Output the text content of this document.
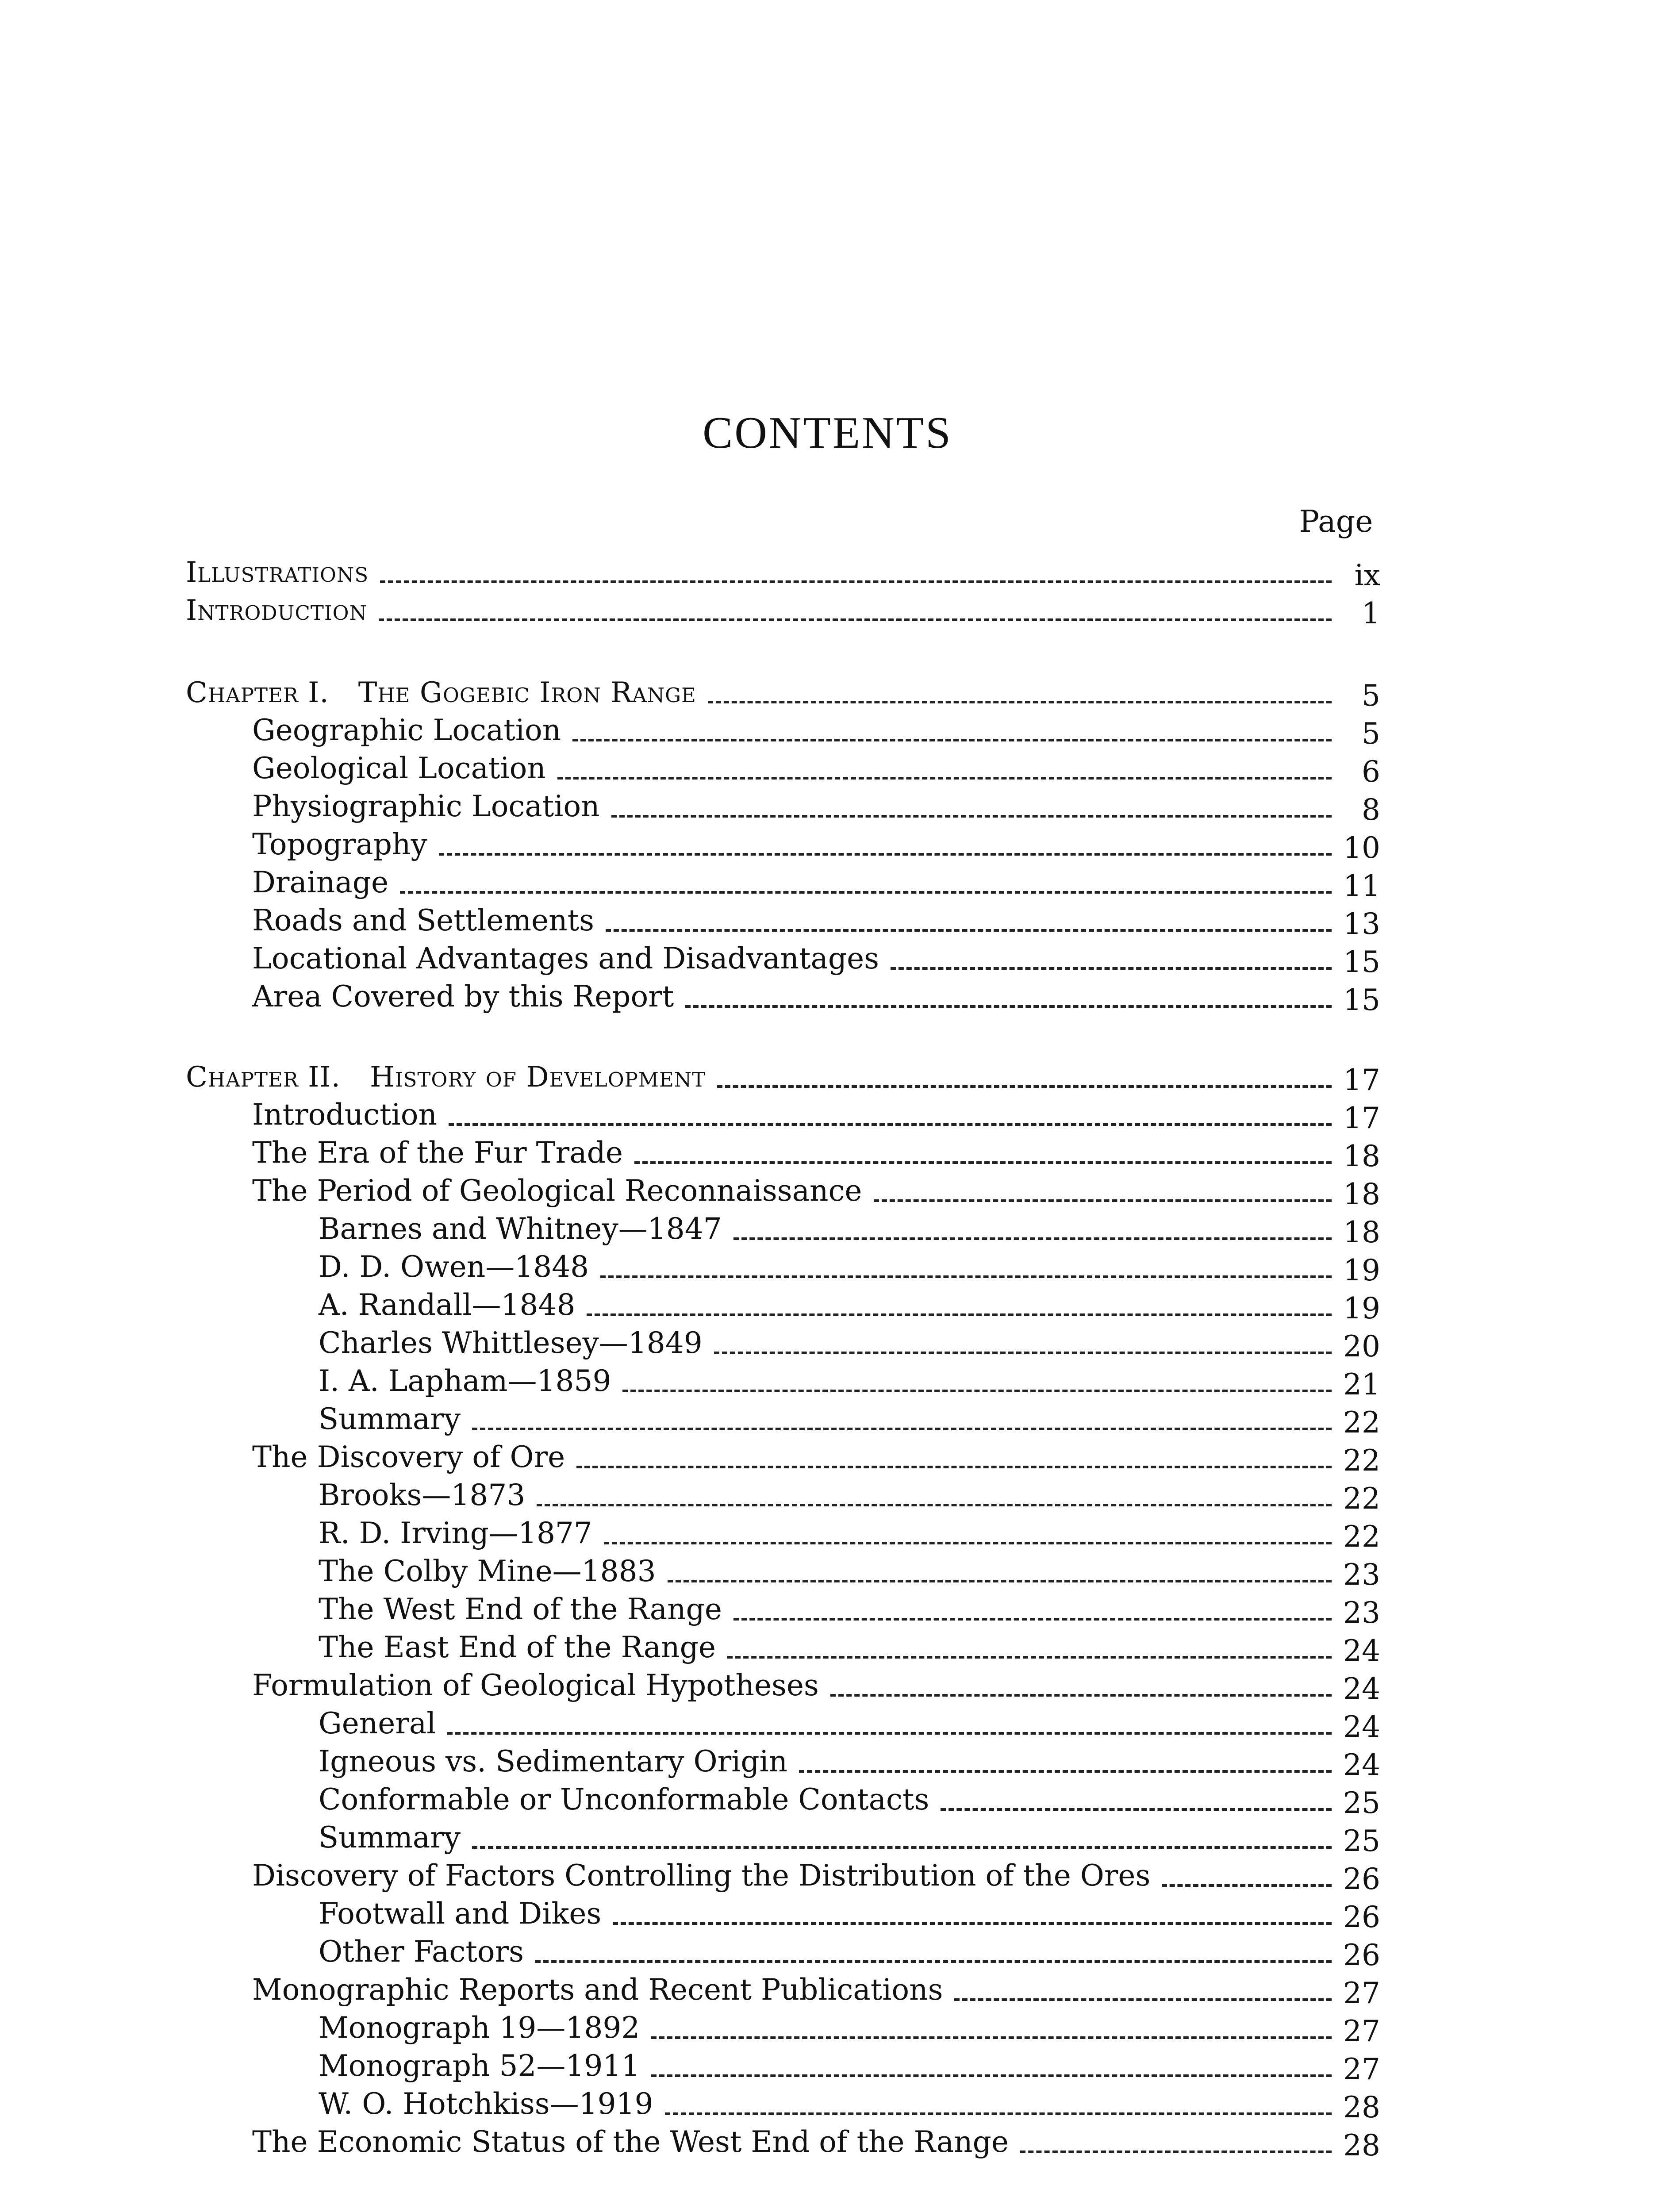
CONTENTS
Page
Illustrations	ix
Introduction	1
Chapter I.  The Gogebic Iron Range	5
Geographic Location	5
Geological Location	6
Physiographic Location	8
Topography	10
Drainage	11
Roads and Settlements	13
Locational Advantages and Disadvantages	15
Area Covered by this Report	15
Chapter II.  History of Development	17
Introduction	17
The Era of the Fur Trade	18
The Period of Geological Reconnaissance	18
Barnes and Whitney—1847	18
D. D. Owen—1848	19
A. Randall—1848	19
Charles Whittlesey—1849	20
I. A. Lapham—1859	21
Summary	22
The Discovery of Ore	22
Brooks—1873	22
R. D. Irving—1877	22
The Colby Mine—1883	23
The West End of the Range	23
The East End of the Range	24
Formulation of Geological Hypotheses	24
General	24
Igneous vs. Sedimentary Origin	24
Conformable or Unconformable Contacts	25
Summary	25
Discovery of Factors Controlling the Distribution of the Ores	26
Footwall and Dikes	26
Other Factors	26
Monographic Reports and Recent Publications	27
Monograph 19—1892	27
Monograph 52—1911	27
W. O. Hotchkiss—1919	28
The Economic Status of the West End of the Range	28
